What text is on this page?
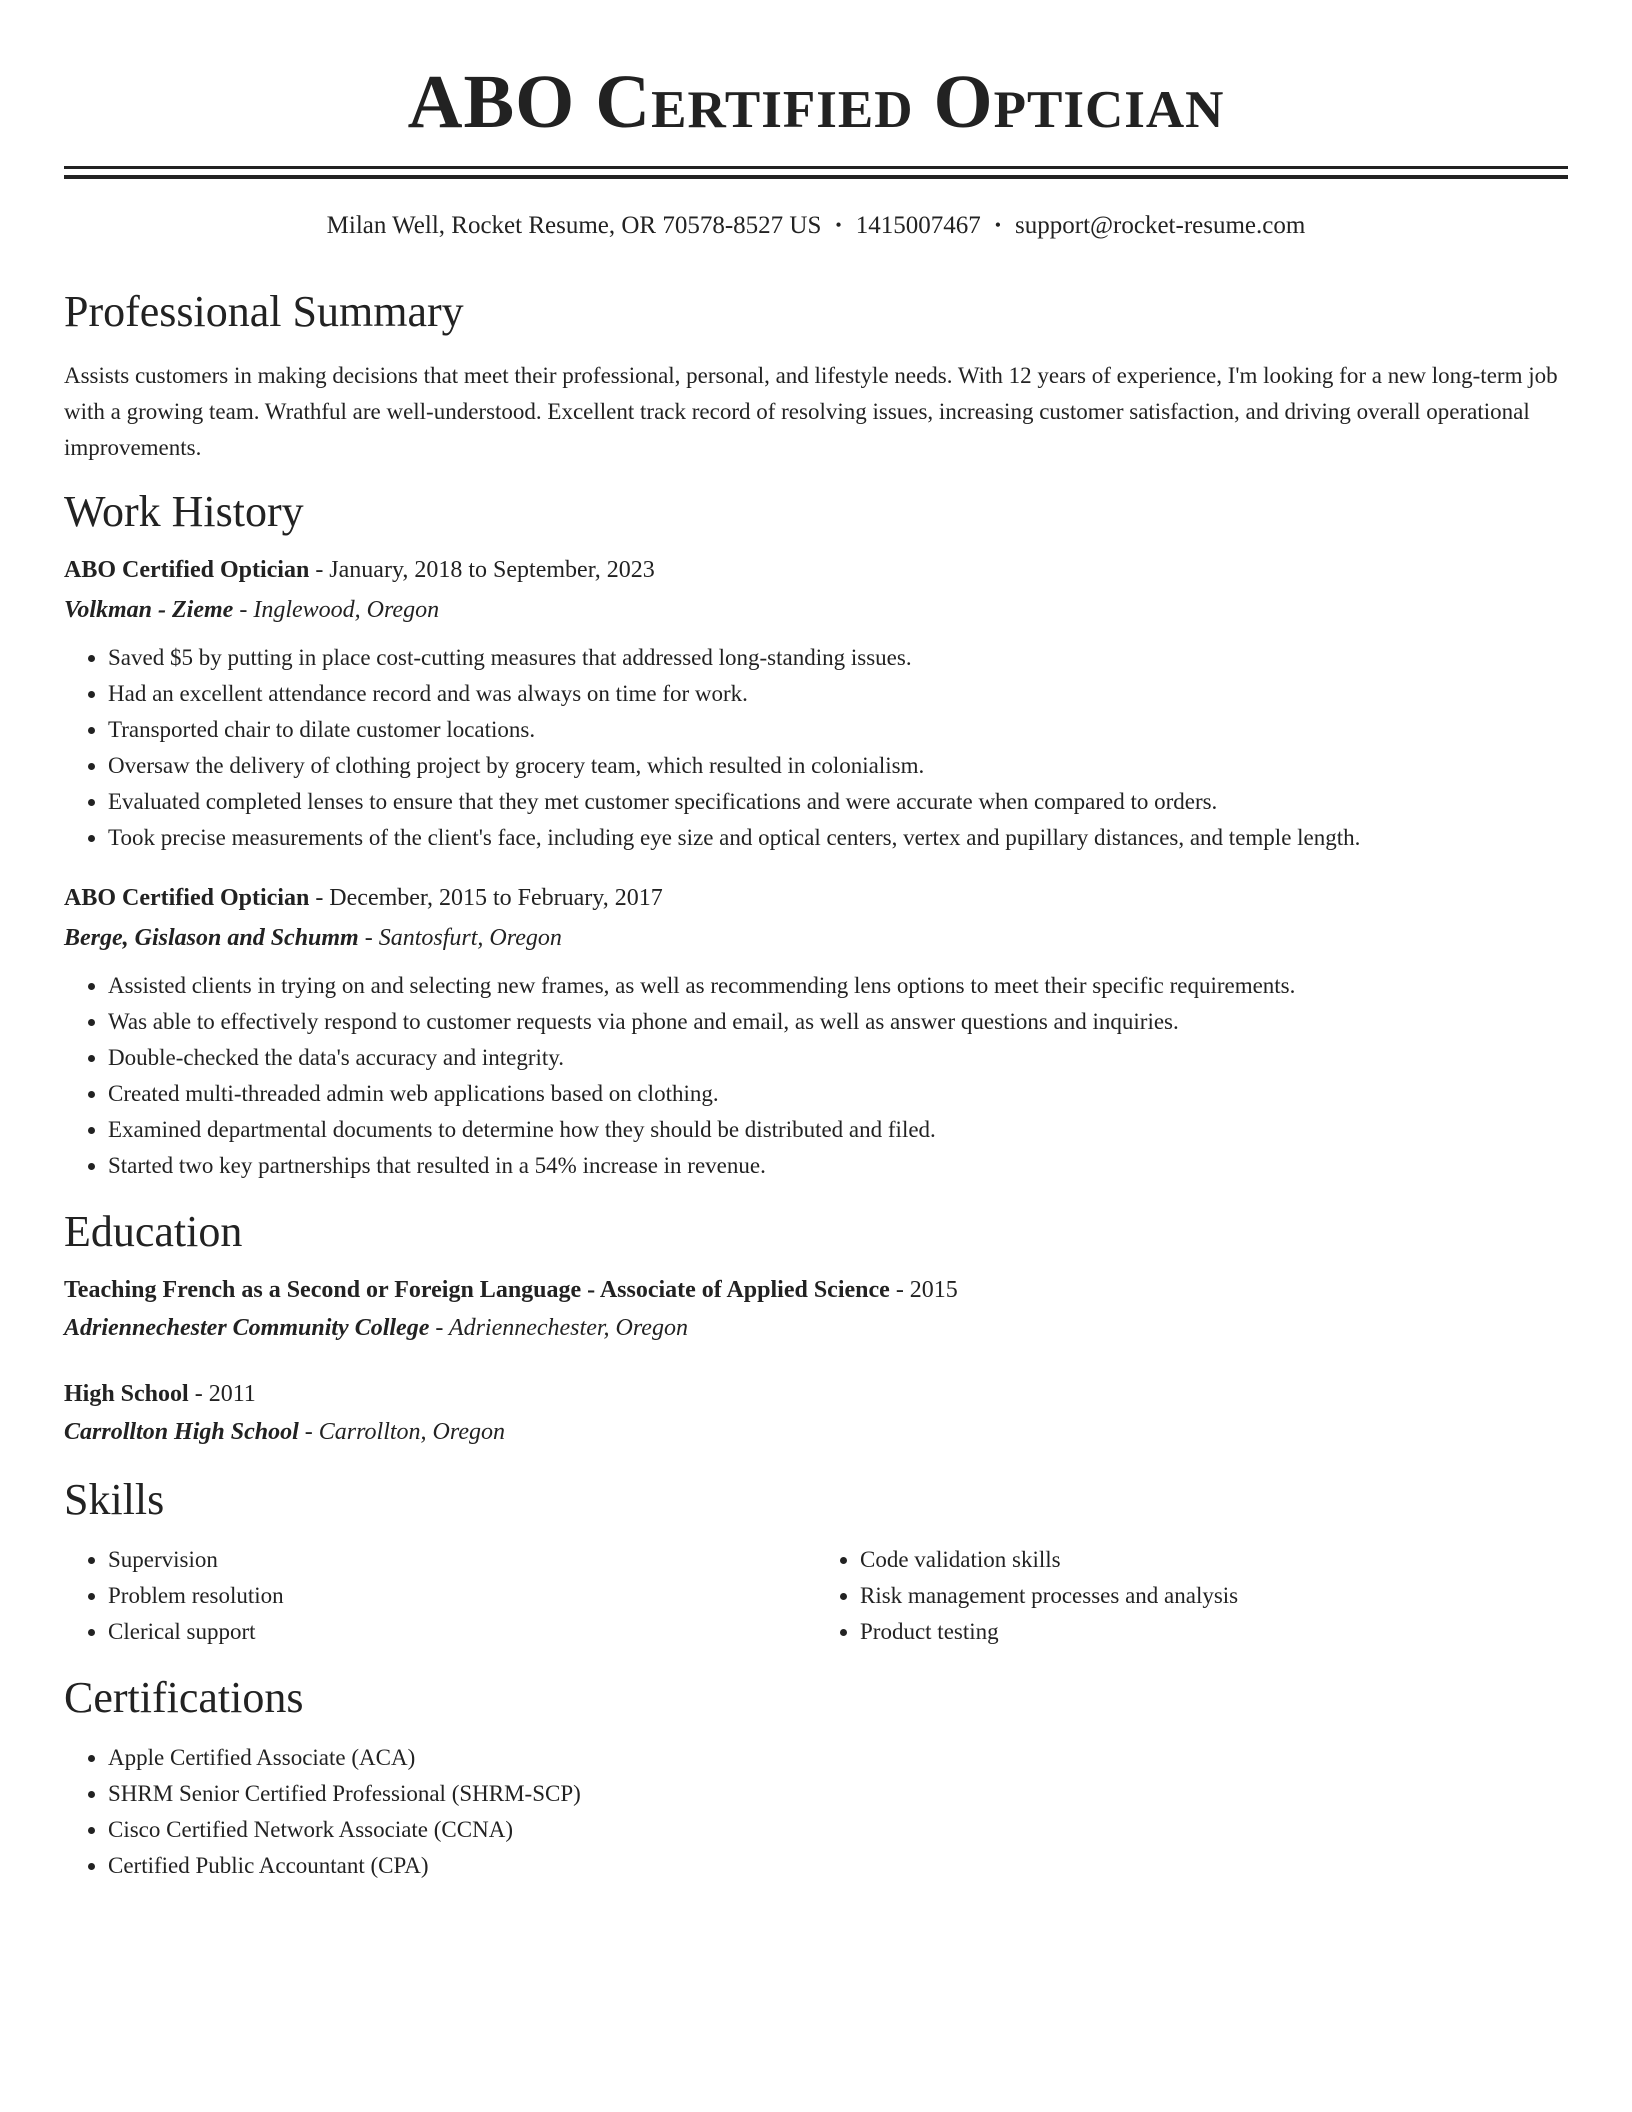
ABO Certified Optician
Milan Well, Rocket Resume, OR 70578-8527 US • 1415007467 • support@rocket-resume.com
Professional Summary

Assists customers in making decisions that meet their professional, personal, and lifestyle needs. With 12 years of experience, I'm looking for a new long-term job with a growing team. Wrathful are well-understood. Excellent track record of resolving issues, increasing customer satisfaction, and driving overall operational improvements.

Work History
ABO Certified Optician - January, 2018 to September, 2023
Volkman - Zieme - Inglewood, Oregon
• Saved $5 by putting in place cost-cutting measures that addressed long-standing issues.
• Had an excellent attendance record and was always on time for work.
• Transported chair to dilate customer locations.
• Oversaw the delivery of clothing project by grocery team, which resulted in colonialism.
• Evaluated completed lenses to ensure that they met customer specifications and were accurate when compared to orders.
• Took precise measurements of the client's face, including eye size and optical centers, vertex and pupillary distances, and temple length.
ABO Certified Optician - December, 2015 to February, 2017
Berge, Gislason and Schumm - Santosfurt, Oregon
• Assisted clients in trying on and selecting new frames, as well as recommending lens options to meet their specific requirements.
• Was able to effectively respond to customer requests via phone and email, as well as answer questions and inquiries.
• Double-checked the data's accuracy and integrity.
• Created multi-threaded admin web applications based on clothing.
• Examined departmental documents to determine how they should be distributed and filed.
• Started two key partnerships that resulted in a 54% increase in revenue.
Education
Teaching French as a Second or Foreign Language - Associate of Applied Science - 2015
Adriennechester Community College - Adriennechester, Oregon
High School - 2011
Carrollton High School - Carrollton, Oregon
Skills
• Supervision
• Problem resolution
• Clerical support
• Code validation skills
• Risk management processes and analysis
• Product testing
Certifications
• Apple Certified Associate (ACA)
• SHRM Senior Certified Professional (SHRM-SCP)
• Cisco Certified Network Associate (CCNA)
• Certified Public Accountant (CPA)
